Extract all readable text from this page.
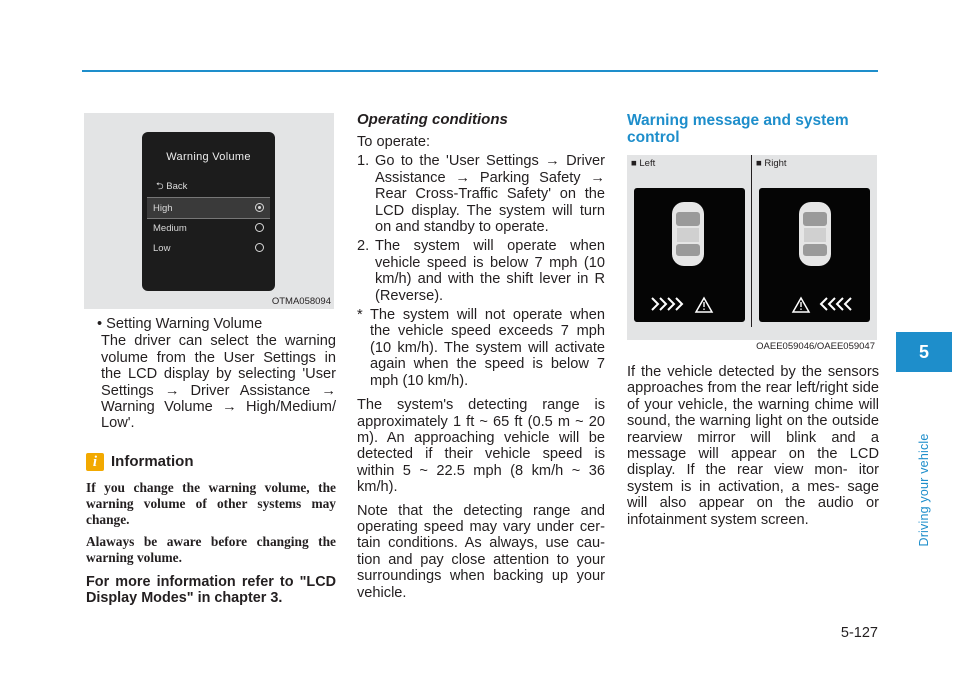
Warning Volume
⮌ Back
High
Medium
Low
OTMA058094

• Setting Warning Volume

The driver can select the warning volume from the User Settings in the LCD display by selecting 'User Settings → Driver Assistance → Warning Volume → High/Medium/ Low'.

i Information

If you change the warning volume, the warning volume of other systems may change.

Alaways be aware before changing the warning volume.

For more information refer to "LCD Display Modes" in chapter 3.

Operating conditions

To operate:

1. Go to the 'User Settings → Driver Assistance → Parking Safety → Rear Cross-Traffic Safety' on the LCD display. The system will turn on and standby to operate.
2. The system will operate when vehicle speed is below 7 mph (10 km/h) and with the shift lever in R (Reverse).
* The system will not operate when the vehicle speed exceeds 7 mph (10 km/h). The system will activate again when the speed is below 7 mph (10 km/h).

The system's detecting range is approximately 1 ft ~ 65 ft (0.5 m ~ 20 m). An approaching vehicle will be detected if their vehicle speed is within 5 ~ 22.5 mph (8 km/h ~ 36 km/h).

Note that the detecting range and operating speed may vary under cer- tain conditions. As always, use cau- tion and pay close attention to your surroundings when backing up your vehicle.

Warning message and system control
■ Left	■ Right
OAEE059046/OAEE059047

If the vehicle detected by the sensors approaches from the rear left/right side of your vehicle, the warning chime will sound, the warning light on the outside rearview mirror will blink and a message will appear on the LCD display. If the rear view mon- itor system is in activation, a mes- sage will also appear on the audio or infotainment system screen.

5
Driving your vehicle
5-127
